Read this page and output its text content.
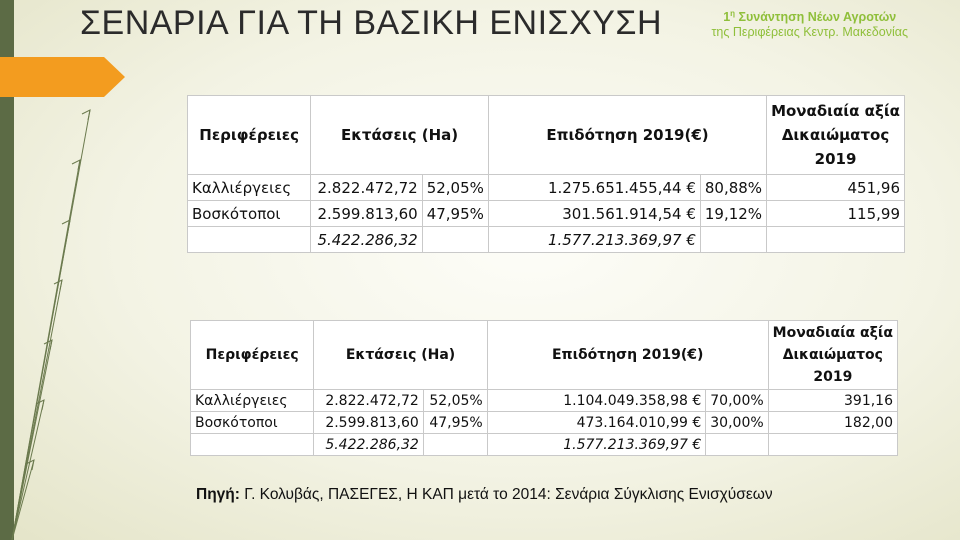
ΣΕΝΑΡΙΑ ΓΙΑ ΤΗ ΒΑΣΙΚΗ ΕΝΙΣΧΥΣΗ	$1^\eta$ Συνάντηση Νέων Αγροτών
της Περιφέρειας Κεντρ. Μακεδονίας
Περιφέρειες	Εκτάσεις (Ha)		Επιδότηση 2019(€)		Μοναδιαία αξία
Δικαιώματος
2019
Καλλιέργειες	2.822.472,72	52,05%	1.275.651.455,44 €	80,88%	451,96
Βοσκότοποι	2.599.813,60	47,95%	301.561.914,54 €	19,12%	115,99
	5.422.286,32		1.577.213.369,97 €		
Περιφέρειες	Εκτάσεις (Ha)		Επιδότηση 2019(€)		Μοναδιαία αξία
Δικαιώματος
2019
Καλλιέργειες	2.822.472,72	52,05%	1.104.049.358,98 €	70,00%	391,16
Βοσκότοποι	2.599.813,60	47,95%	473.164.010,99 €	30,00%	182,00
	5.422.286,32		1.577.213.369,97 €		
Πηγή: Γ. Κολυβάς, ΠΑΣΕΓΕΣ, Η ΚΑΠ μετά το 2014: Σενάρια Σύγκλισης Ενισχύσεων
